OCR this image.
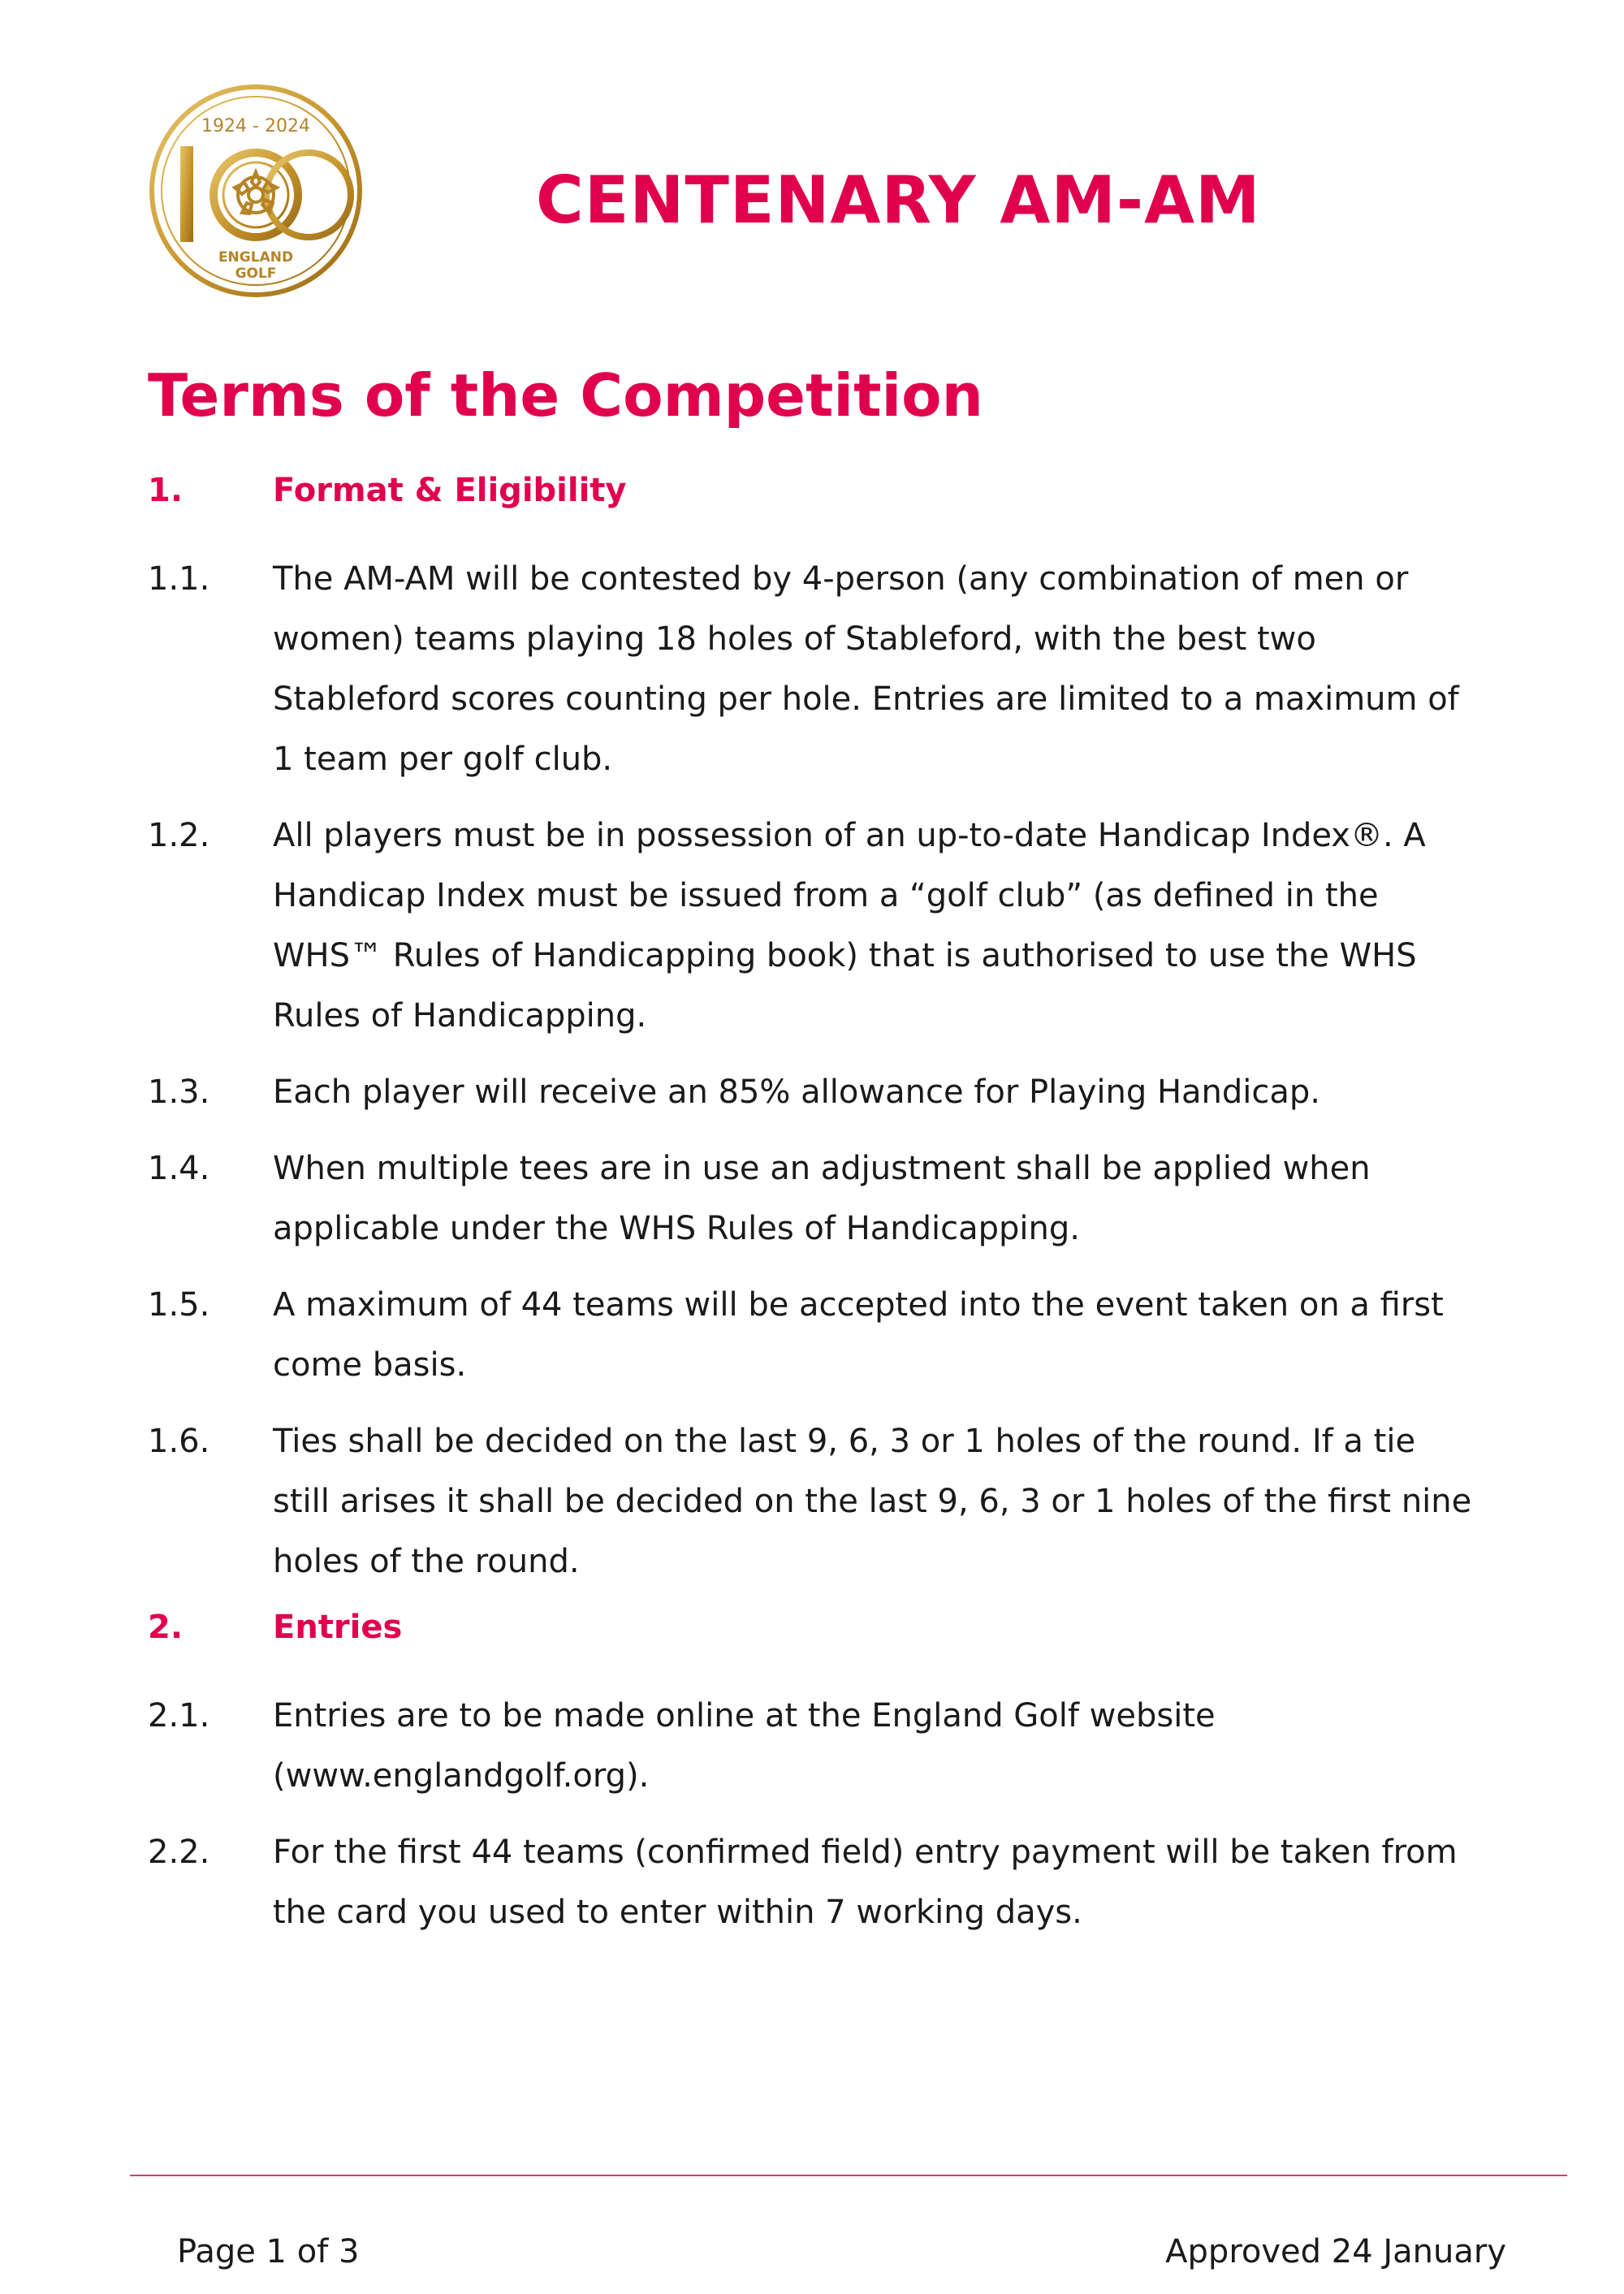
1924 - 2024
ENGLAND
GOLF
CENTENARY AM-AM
Terms of the Competition
1.	Format & Eligibility
1.1.	The AM-AM will be contested by 4-person (any combination of men or women) teams playing 18 holes of Stableford, with the best two Stableford scores counting per hole. Entries are limited to a maximum of 1 team per golf club.
1.2.	All players must be in possession of an up-to-date Handicap Index®. A Handicap Index must be issued from a “golf club” (as defined in the WHS™ Rules of Handicapping book) that is authorised to use the WHS Rules of Handicapping.
1.3.	Each player will receive an 85% allowance for Playing Handicap.
1.4.	When multiple tees are in use an adjustment shall be applied when applicable under the WHS Rules of Handicapping.
1.5.	A maximum of 44 teams will be accepted into the event taken on a first come basis.
1.6.	Ties shall be decided on the last 9, 6, 3 or 1 holes of the round. If a tie still arises it shall be decided on the last 9, 6, 3 or 1 holes of the first nine holes of the round.
2.	Entries
2.1.	Entries are to be made online at the England Golf website (www.englandgolf.org).
2.2.	For the first 44 teams (confirmed field) entry payment will be taken from the card you used to enter within 7 working days.
Page 1 of 3	Approved 24 January
